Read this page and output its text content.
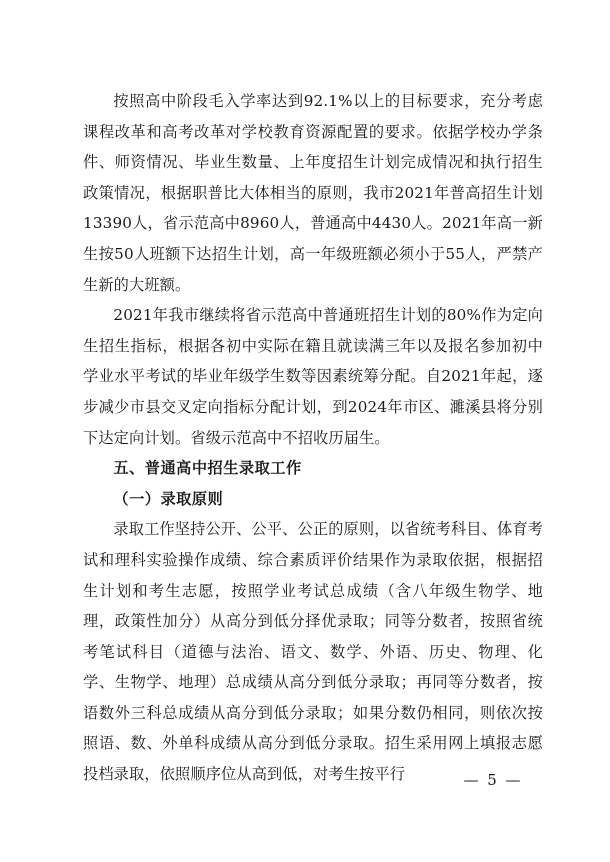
按照高中阶段毛入学率达到92.1%以上的目标要求，充分考虑课程改革和高考改革对学校教育资源配置的要求。依据学校办学条件、师资情况、毕业生数量、上年度招生计划完成情况和执行招生政策情况，根据职普比大体相当的原则，我市2021年普高招生计划13390人，省示范高中8960人，普通高中4430人。2021年高一新生按50人班额下达招生计划，高一年级班额必须小于55人，严禁产生新的大班额。

2021年我市继续将省示范高中普通班招生计划的80%作为定向生招生指标，根据各初中实际在籍且就读满三年以及报名参加初中学业水平考试的毕业年级学生数等因素统筹分配。自2021年起，逐步减少市县交叉定向指标分配计划，到2024年市区、濉溪县将分别下达定向计划。省级示范高中不招收历届生。

五、普通高中招生录取工作

（一）录取原则

录取工作坚持公开、公平、公正的原则，以省统考科目、体育考试和理科实验操作成绩、综合素质评价结果作为录取依据，根据招生计划和考生志愿，按照学业考试总成绩（含八年级生物学、地理，政策性加分）从高分到低分择优录取；同等分数者，按照省统考笔试科目（道德与法治、语文、数学、外语、历史、物理、化学、生物学、地理）总成绩从高分到低分录取；再同等分数者，按语数外三科总成绩从高分到低分录取；如果分数仍相同，则依次按照语、数、外单科成绩从高分到低分录取。招生采用网上填报志愿投档录取，依照顺序位从高到低，对考生按平行	— 5 —
